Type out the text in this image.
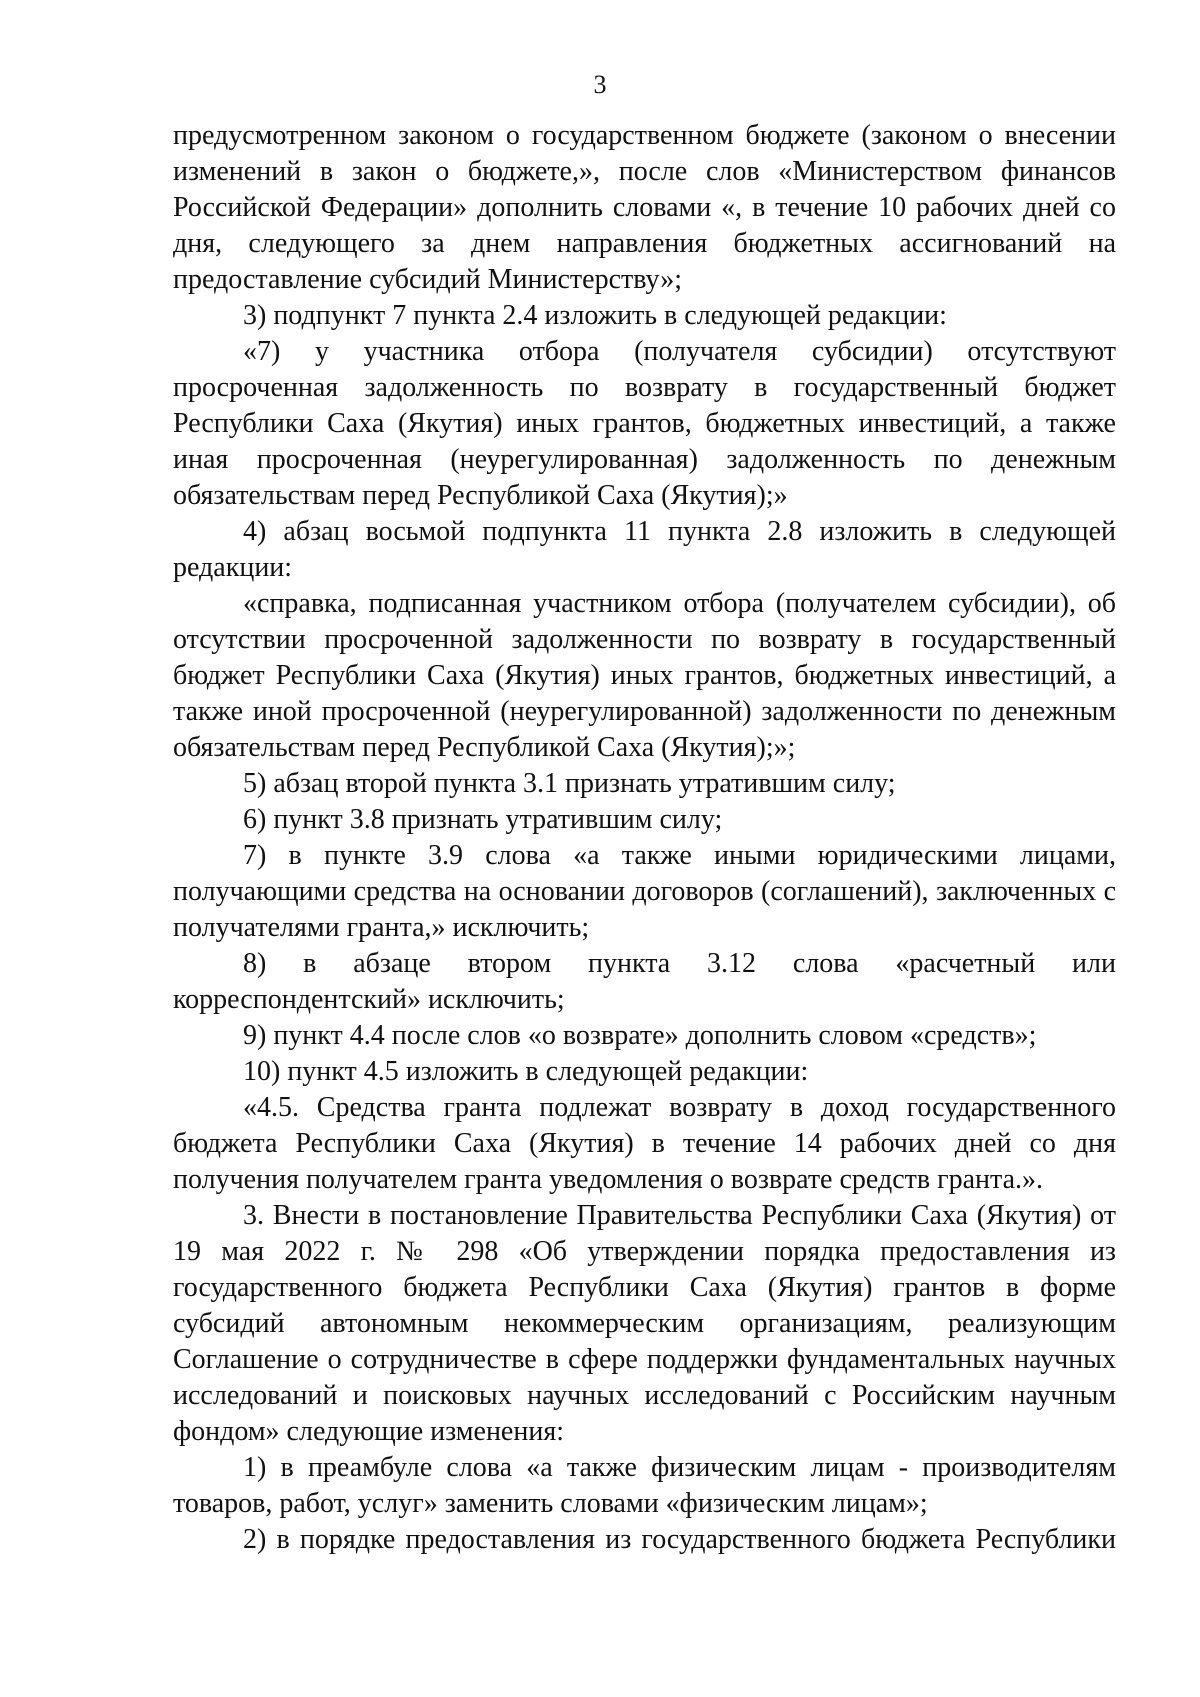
3

предусмотренном законом о государственном бюджете (законом о внесении изменений в закон о бюджете,», после слов «Министерством финансов Российской Федерации» дополнить словами «, в течение 10 рабочих дней со дня, следующего за днем направления бюджетных ассигнований на предоставление субсидий Министерству»;

3) подпункт 7 пункта 2.4 изложить в следующей редакции:

«7) у участника отбора (получателя субсидии) отсутствуют просроченная задолженность по возврату в государственный бюджет Республики Саха (Якутия) иных грантов, бюджетных инвестиций, а также иная просроченная (неурегулированная) задолженность по денежным обязательствам перед Республикой Саха (Якутия);»

4) абзац восьмой подпункта 11 пункта 2.8 изложить в следующей редакции:

«справка, подписанная участником отбора (получателем субсидии), об отсутствии просроченной задолженности по возврату в государственный бюджет Республики Саха (Якутия) иных грантов, бюджетных инвестиций, а также иной просроченной (неурегулированной) задолженности по денежным обязательствам перед Республикой Саха (Якутия);»;

5) абзац второй пункта 3.1 признать утратившим силу;

6) пункт 3.8 признать утратившим силу;

7) в пункте 3.9 слова «а также иными юридическими лицами, получающими средства на основании договоров (соглашений), заключенных с получателями гранта,» исключить;

8) в абзаце втором пункта 3.12 слова «расчетный или корреспондентский» исключить;

9) пункт 4.4 после слов «о возврате» дополнить словом «средств»;

10) пункт 4.5 изложить в следующей редакции:

«4.5. Средства гранта подлежат возврату в доход государственного бюджета Республики Саха (Якутия) в течение 14 рабочих дней со дня получения получателем гранта уведомления о возврате средств гранта.».

3. Внести в постановление Правительства Республики Саха (Якутия) от 19 мая 2022 г. № 298 «Об утверждении порядка предоставления из государственного бюджета Республики Саха (Якутия) грантов в форме субсидий автономным некоммерческим организациям, реализующим Соглашение о сотрудничестве в сфере поддержки фундаментальных научных исследований и поисковых научных исследований с Российским научным фондом» следующие изменения:

1) в преамбуле слова «а также физическим лицам - производителям товаров, работ, услуг» заменить словами «физическим лицам»;

2) в порядке предоставления из государственного бюджета Республики
